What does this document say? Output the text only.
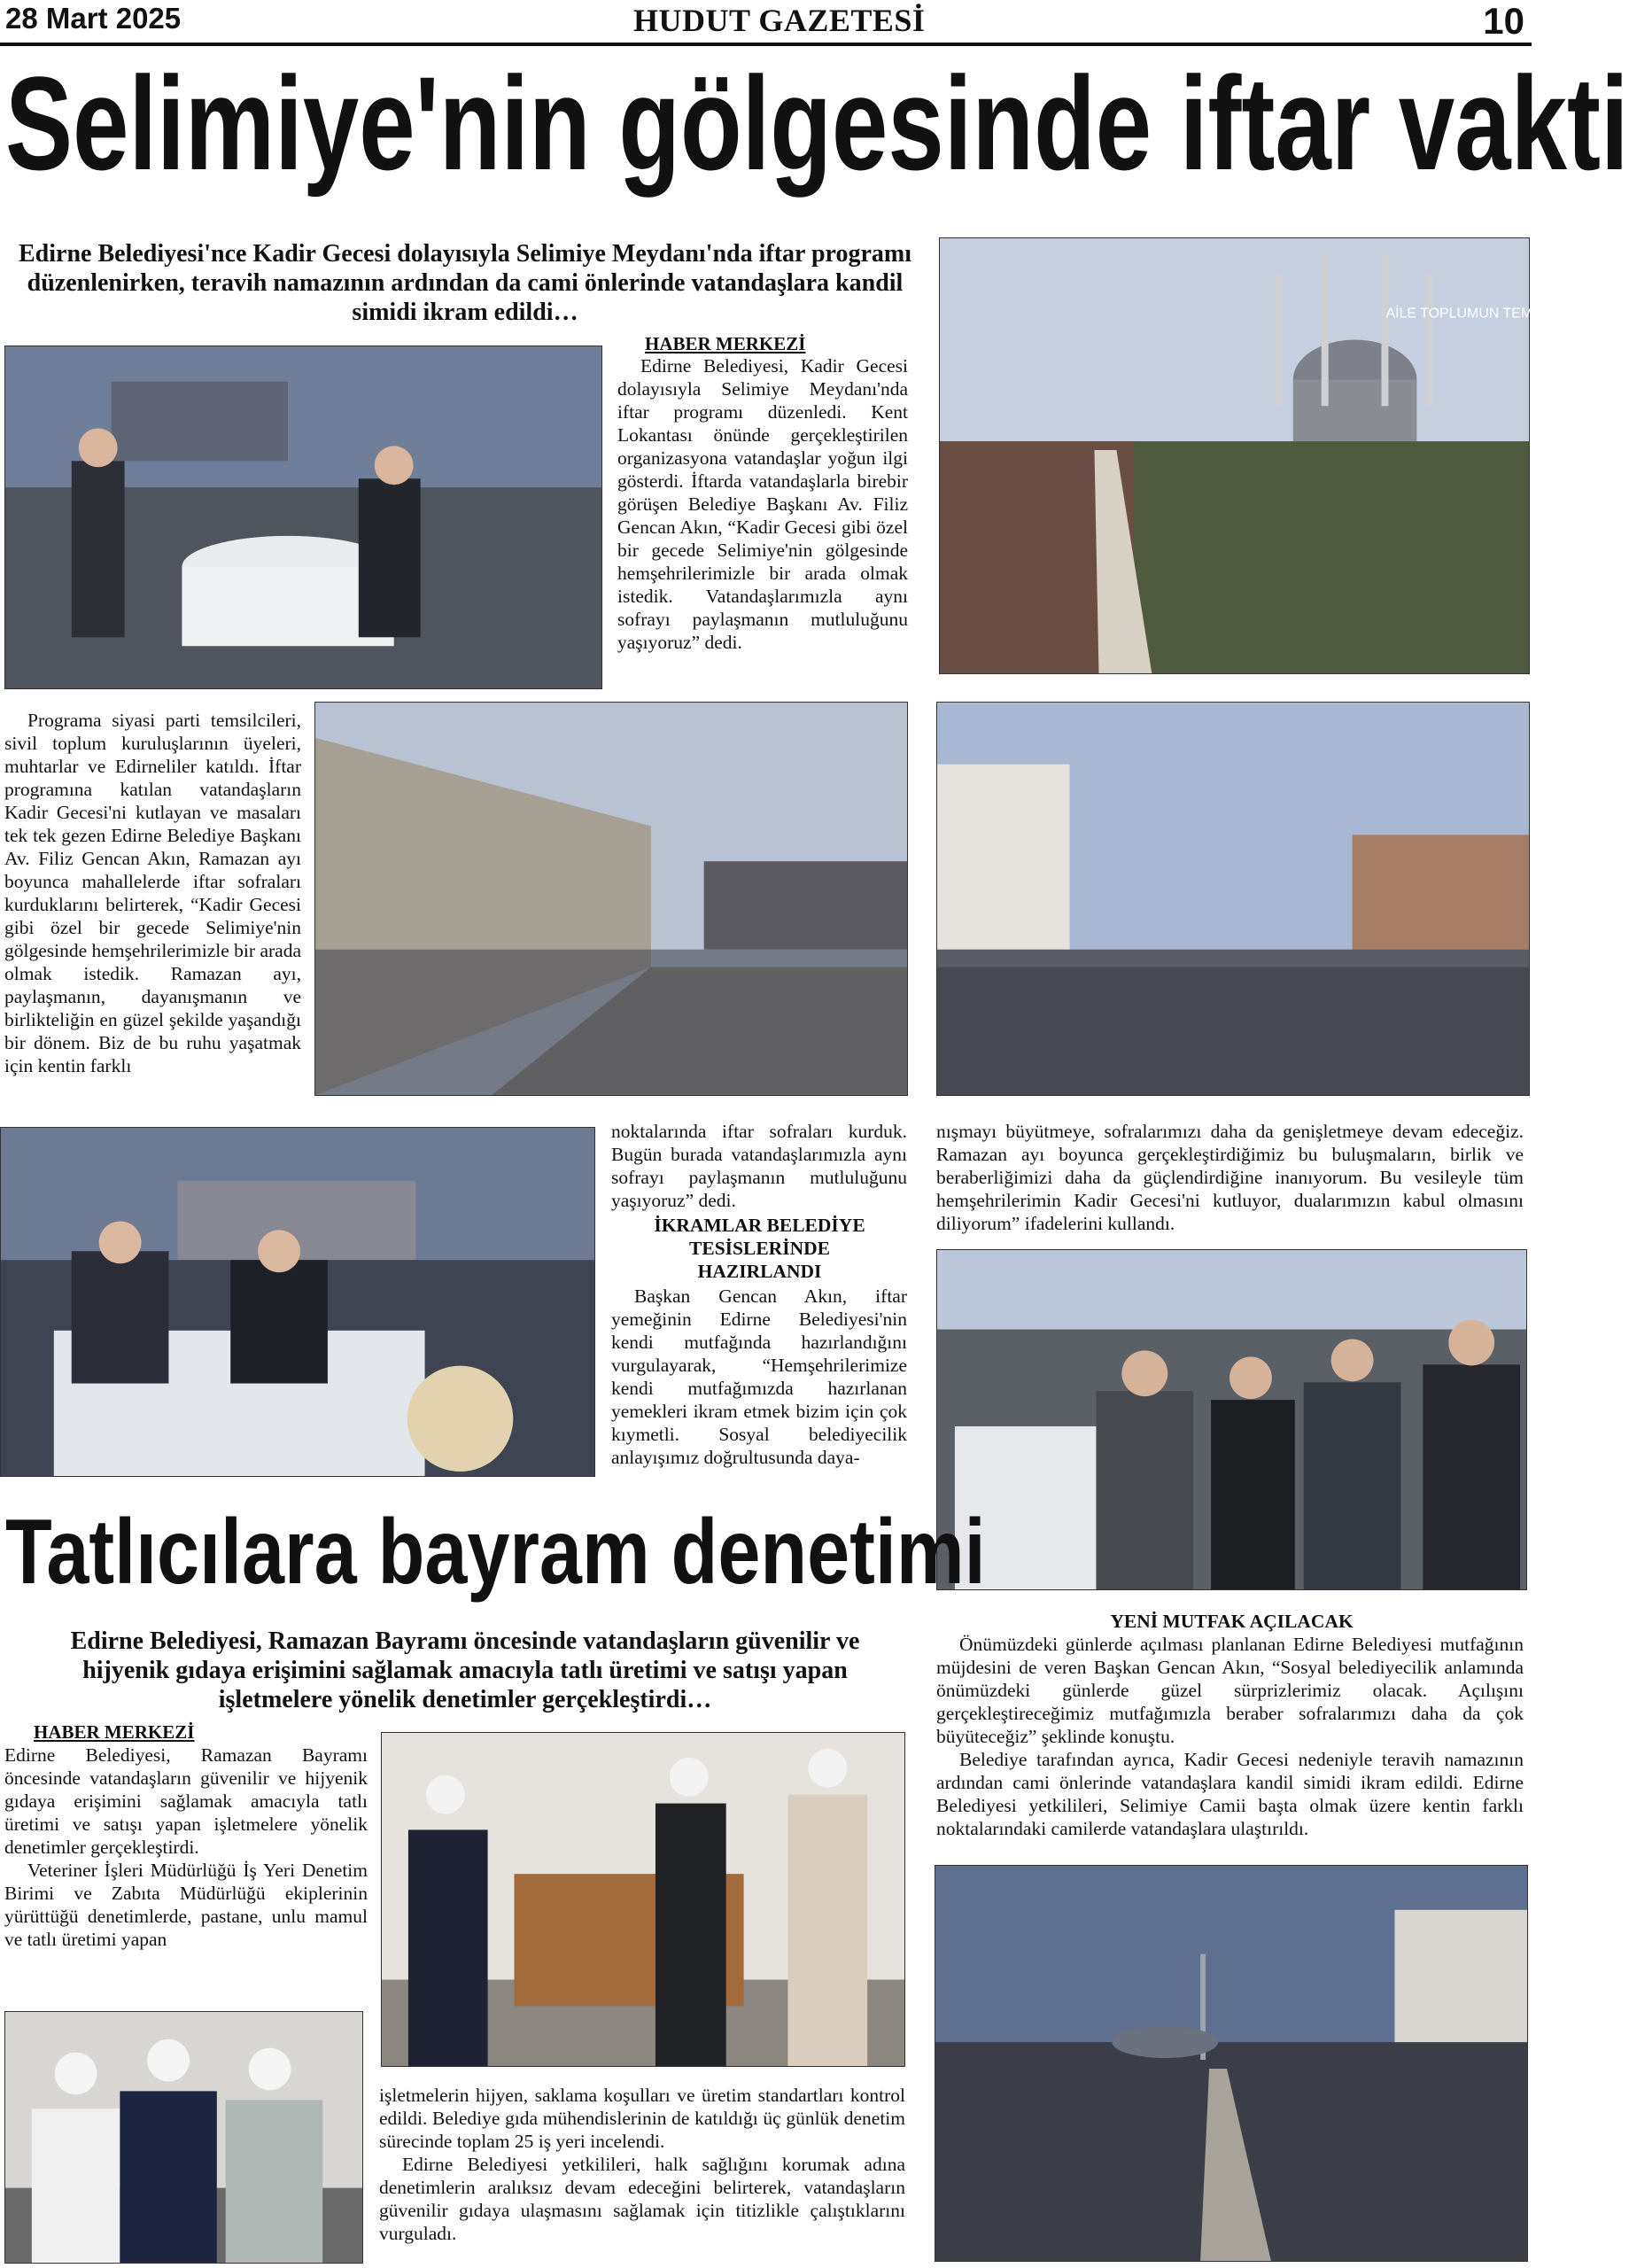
28 Mart 2025	HUDUT GAZETESİ	10
Selimiye'nin gölgesinde iftar vakti
Edirne Belediyesi'nce Kadir Gecesi dolayısıyla Selimiye Meydanı'nda iftar programı düzenlenirken, teravih namazının ardından da cami önlerinde vatandaşlara kandil simidi ikram edildi…
HABER MERKEZİ

Edirne Belediyesi, Kadir Gecesi dolayısıyla Selimiye Meydanı'nda iftar programı düzenledi. Kent Lokantası önünde gerçekleştirilen organizasyona vatandaşlar yoğun ilgi gösterdi. İftarda vatandaşlarla birebir görüşen Belediye Başkanı Av. Filiz Gencan Akın, “Kadir Gecesi gibi özel bir gecede Selimiye'nin gölgesinde hemşehrilerimizle bir arada olmak istedik. Vatandaşlarımızla aynı sofrayı paylaşmanın mutluluğunu yaşıyoruz” dedi.

AİLE TOPLUMUN TEMELİDİR

Programa siyasi parti temsilcileri, sivil toplum kuruluşlarının üyeleri, muhtarlar ve Edirneliler katıldı. İftar programına katılan vatandaşların Kadir Gecesi'ni kutlayan ve masaları tek tek gezen Edirne Belediye Başkanı Av. Filiz Gencan Akın, Ramazan ayı boyunca mahallelerde iftar sofraları kurduklarını belirterek, “Kadir Gecesi gibi özel bir gecede Selimiye'nin gölgesinde hemşehrilerimizle bir arada olmak istedik. Ramazan ayı, paylaşmanın, dayanışmanın ve birlikteliğin en güzel şekilde yaşandığı bir dönem. Biz de bu ruhu yaşatmak için kentin farklı

noktalarında iftar sofraları kurduk. Bugün burada vatandaşlarımızla aynı sofrayı paylaşmanın mutluluğunu yaşıyoruz” dedi.

İKRAMLAR BELEDİYE TESİSLERİNDE HAZIRLANDI

Başkan Gencan Akın, iftar yemeğinin Edirne Belediyesi'nin kendi mutfağında hazırlandığını vurgulayarak, “Hemşehrilerimize kendi mutfağımızda hazırlanan yemekleri ikram etmek bizim için çok kıymetli. Sosyal belediyecilik anlayışımız doğrultusunda daya-

nışmayı büyütmeye, sofralarımızı daha da genişletmeye devam edeceğiz. Ramazan ayı boyunca gerçekleştirdiğimiz bu buluşmaların, birlik ve beraberliğimizi daha da güçlendirdiğine inanıyorum. Bu vesileyle tüm hemşehrilerimin Kadir Gecesi'ni kutluyor, dualarımızın kabul olmasını diliyorum” ifadelerini kullandı.

YENİ MUTFAK AÇILACAK

Önümüzdeki günlerde açılması planlanan Edirne Belediyesi mutfağının müjdesini de veren Başkan Gencan Akın, “Sosyal belediyecilik anlamında önümüzdeki günlerde güzel sürprizlerimiz olacak. Açılışını gerçekleştireceğimiz mutfağımızla beraber sofralarımızı daha da çok büyüteceğiz” şeklinde konuştu.

Belediye tarafından ayrıca, Kadir Gecesi nedeniyle teravih namazının ardından cami önlerinde vatandaşlara kandil simidi ikram edildi. Edirne Belediyesi yetkilileri, Selimiye Camii başta olmak üzere kentin farklı noktalarındaki camilerde vatandaşlara ulaştırıldı.

Tatlıcılara bayram denetimi
Edirne Belediyesi, Ramazan Bayramı öncesinde vatandaşların güvenilir ve hijyenik gıdaya erişimini sağlamak amacıyla tatlı üretimi ve satışı yapan işletmelere yönelik denetimler gerçekleştirdi…
HABER MERKEZİ

Edirne Belediyesi, Ramazan Bayramı öncesinde vatandaşların güvenilir ve hijyenik gıdaya erişimini sağlamak amacıyla tatlı üretimi ve satışı yapan işletmelere yönelik denetimler gerçekleştirdi.

Veteriner İşleri Müdürlüğü İş Yeri Denetim Birimi ve Zabıta Müdürlüğü ekiplerinin yürüttüğü denetimlerde, pastane, unlu mamul ve tatlı üretimi yapan

işletmelerin hijyen, saklama koşulları ve üretim standartları kontrol edildi. Belediye gıda mühendislerinin de katıldığı üç günlük denetim sürecinde toplam 25 iş yeri incelendi.

Edirne Belediyesi yetkilileri, halk sağlığını korumak adına denetimlerin aralıksız devam edeceğini belirterek, vatandaşların güvenilir gıdaya ulaşmasını sağlamak için titizlikle çalıştıklarını vurguladı.
